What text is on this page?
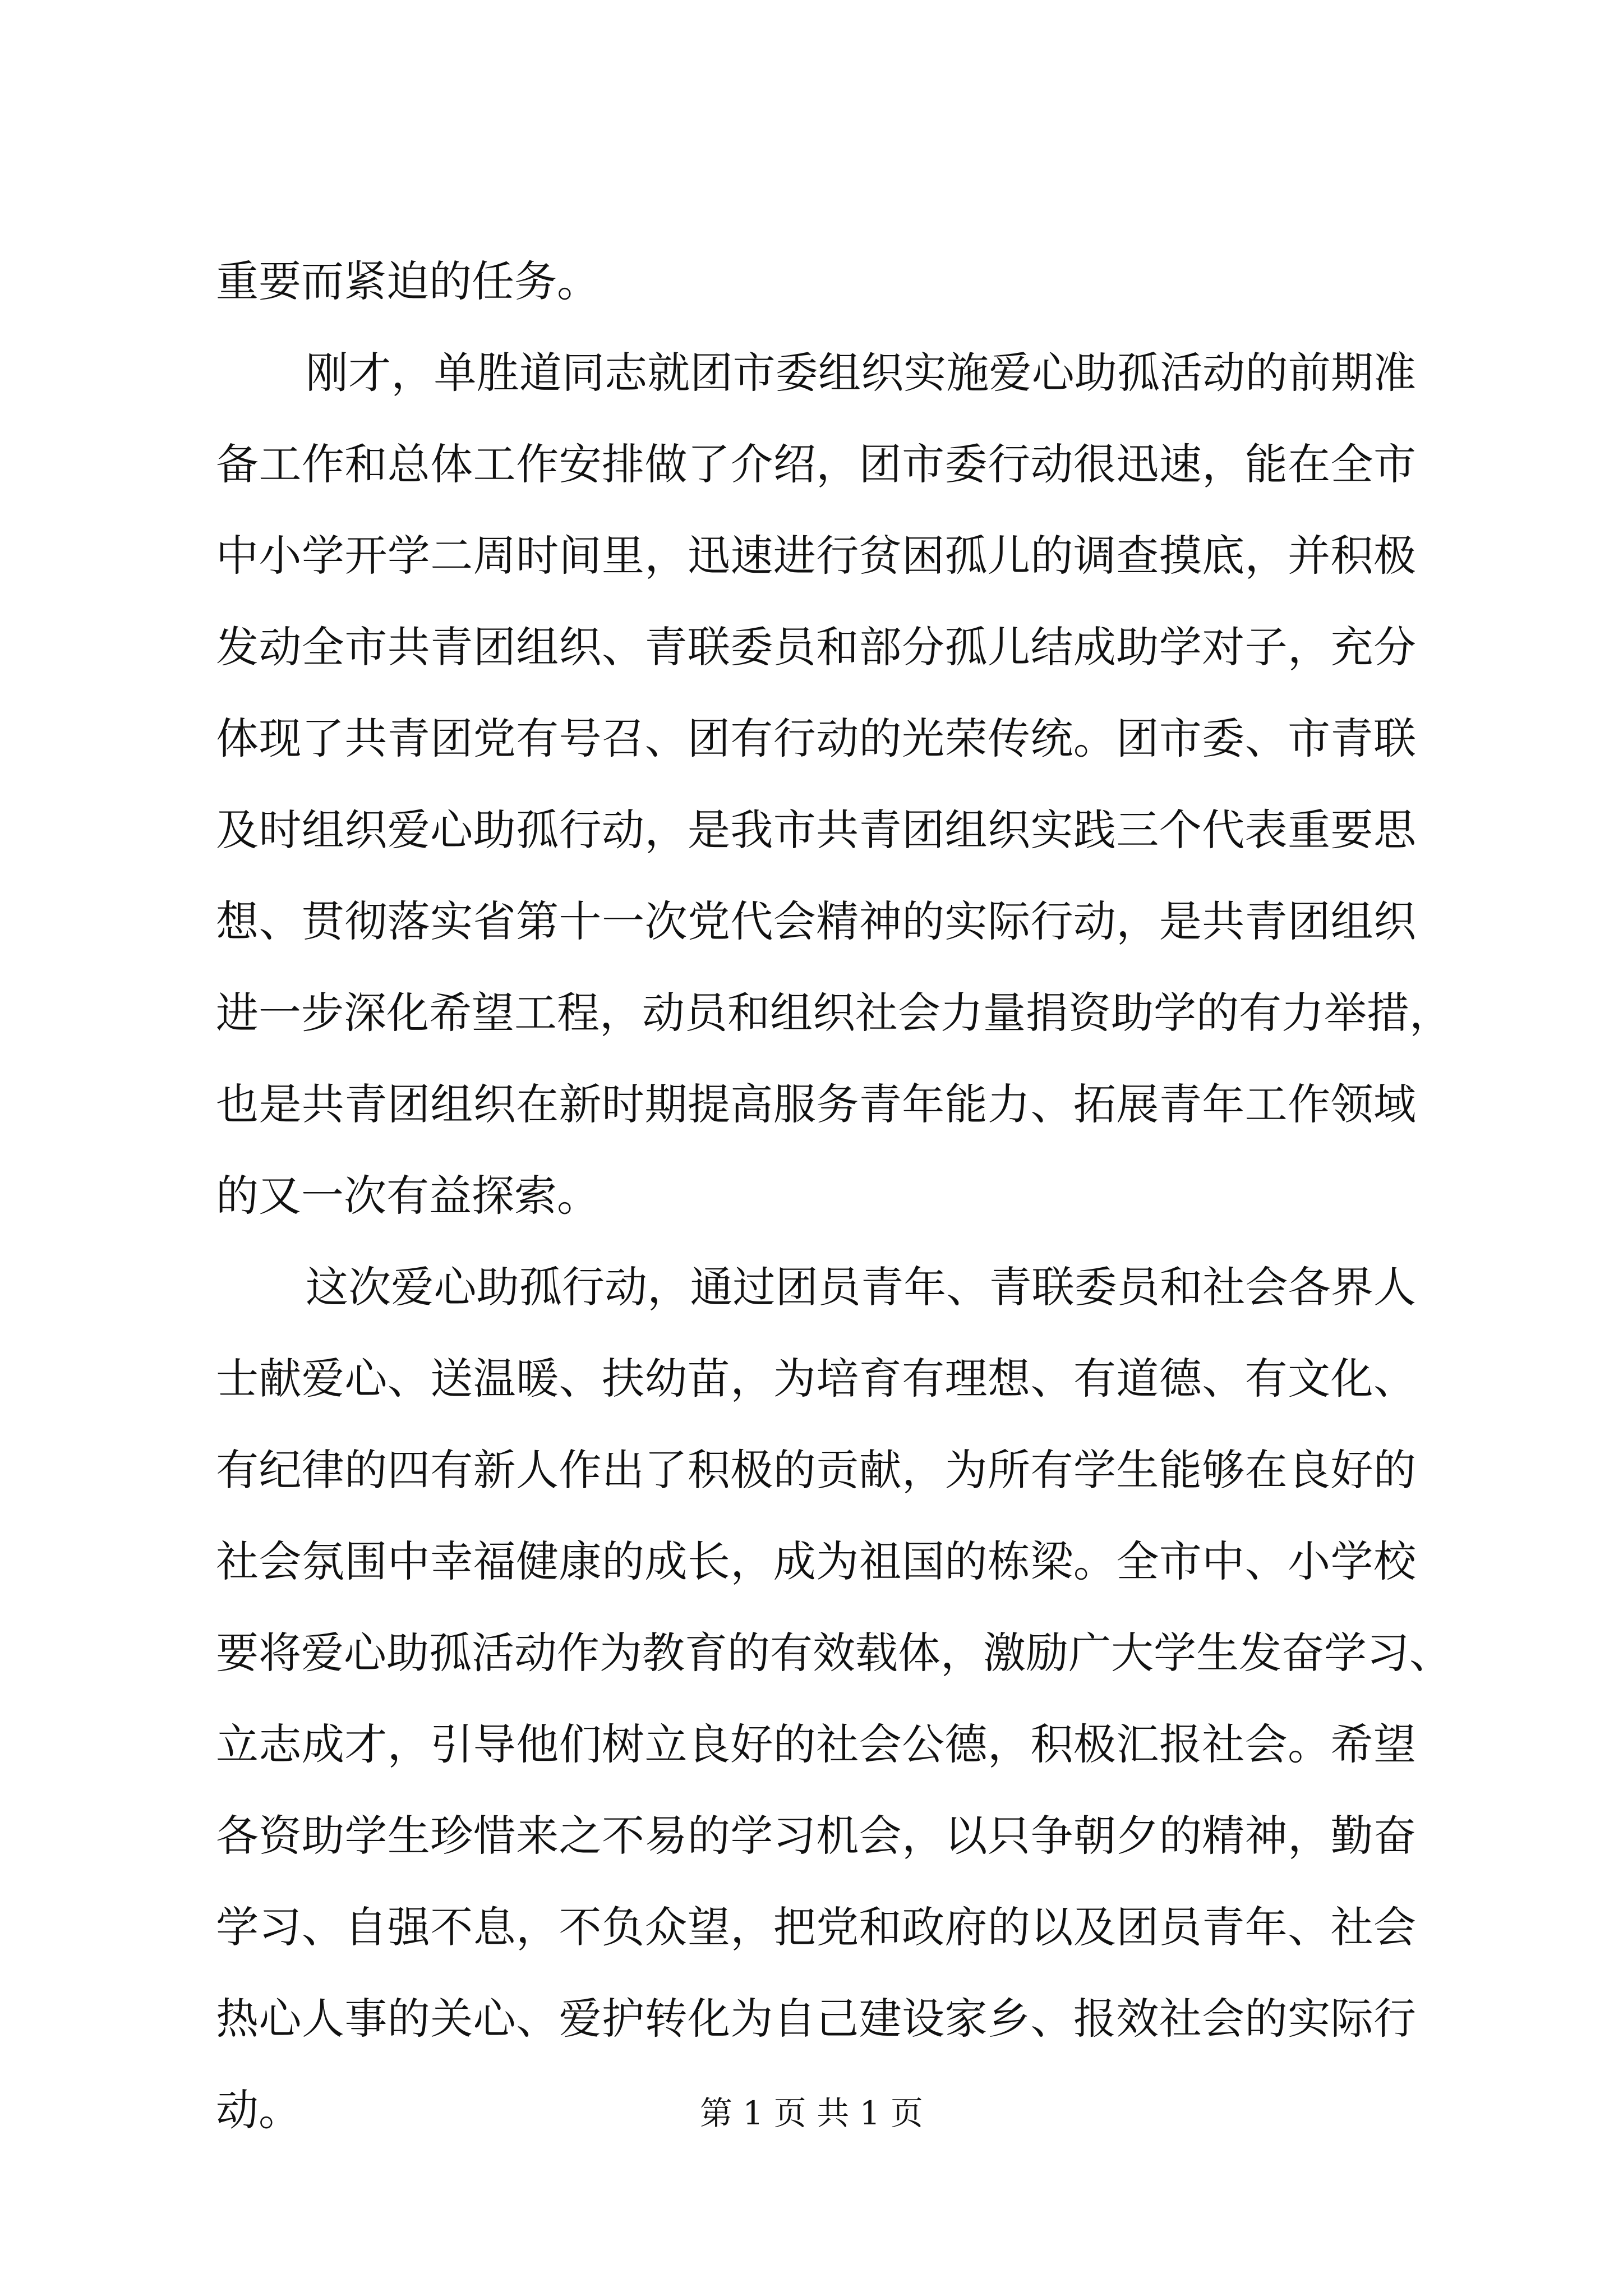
重要而紧迫的任务。
刚才，单胜道同志就团市委组织实施爱心助孤活动的前期准
备工作和总体工作安排做了介绍，团市委行动很迅速，能在全市
中小学开学二周时间里，迅速进行贫困孤儿的调查摸底，并积极
发动全市共青团组织、青联委员和部分孤儿结成助学对子，充分
体现了共青团党有号召、团有行动的光荣传统。团市委、市青联
及时组织爱心助孤行动，是我市共青团组织实践三个代表重要思
想、贯彻落实省第十一次党代会精神的实际行动，是共青团组织
进一步深化希望工程，动员和组织社会力量捐资助学的有力举措，
也是共青团组织在新时期提高服务青年能力、拓展青年工作领域
的又一次有益探索。
这次爱心助孤行动，通过团员青年、青联委员和社会各界人
士献爱心、送温暖、扶幼苗，为培育有理想、有道德、有文化、
有纪律的四有新人作出了积极的贡献，为所有学生能够在良好的
社会氛围中幸福健康的成长，成为祖国的栋梁。全市中、小学校
要将爱心助孤活动作为教育的有效载体，激励广大学生发奋学习、
立志成才，引导他们树立良好的社会公德，积极汇报社会。希望
各资助学生珍惜来之不易的学习机会，以只争朝夕的精神，勤奋
学习、自强不息，不负众望，把党和政府的以及团员青年、社会
热心人事的关心、爱护转化为自己建设家乡、报效社会的实际行
动。	第 1 页 共 1 页
